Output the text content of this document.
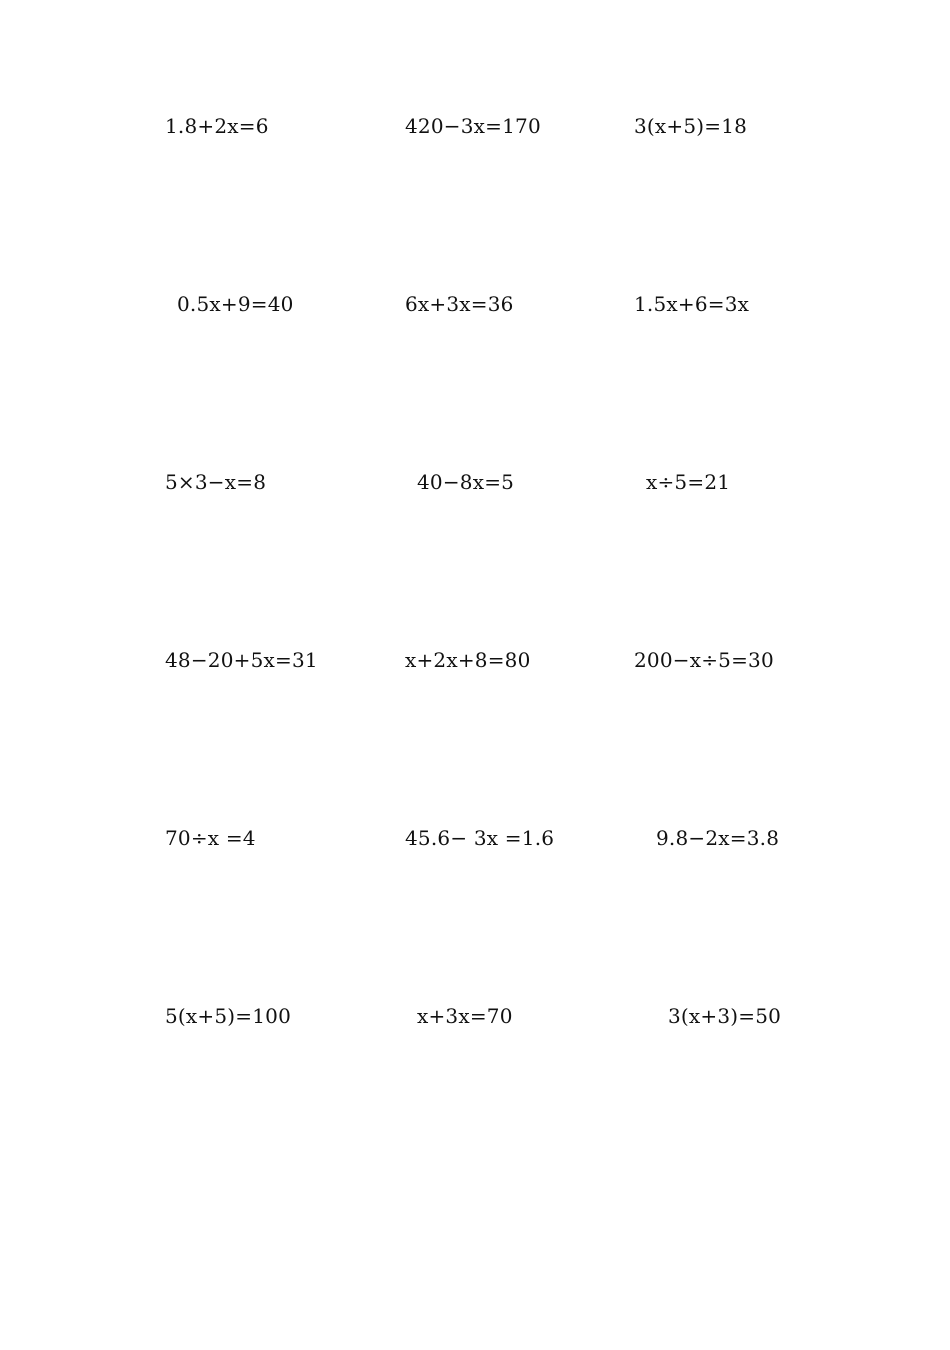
1.8+2x=6	420−3x=170	3(x+5)=18
0.5x+9=40	6x+3x=36	1.5x+6=3x
5×3−x=8	40−8x=5	x÷5=21
48−20+5x=31	x+2x+8=80	200−x÷5=30
70÷x =4	45.6− 3x =1.6	9.8−2x=3.8
5(x+5)=100	x+3x=70	3(x+3)=50
